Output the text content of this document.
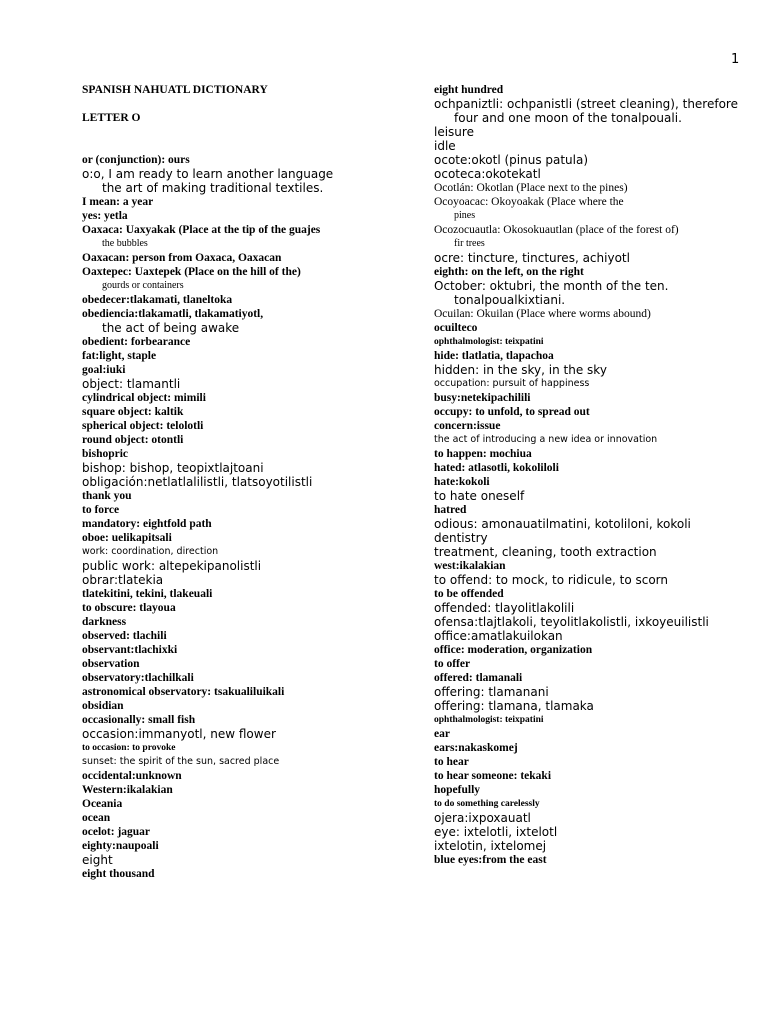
1
SPANISH NAHUATL DICTIONARY
LETTER O
or (conjunction): ours
o:o, I am ready to learn another language
the art of making traditional textiles.
I mean: a year
yes: yetla
Oaxaca: Uaxyakak (Place at the tip of the guajes
the bubbles
Oaxacan: person from Oaxaca, Oaxacan
Oaxtepec: Uaxtepek (Place on the hill of the)
gourds or containers
obedecer:tlakamati, tlaneltoka
obediencia:tlakamatli, tlakamatiyotl,
the act of being awake
obedient: forbearance
fat:light, staple
goal:iuki
object: tlamantli
cylindrical object: mimili
square object: kaltik
spherical object: telolotli
round object: otontli
bishopric
bishop: bishop, teopixtlajtoani
obligación:netlatlalilistli, tlatsoyotilistli
thank you
to force
mandatory: eightfold path
oboe: uelikapitsali
work: coordination, direction
public work: altepekipanolistli
obrar:tlatekia
tlatekitini, tekini, tlakeuali
to obscure: tlayoua
darkness
observed: tlachili
observant:tlachixki
observation
observatory:tlachilkali
astronomical observatory: tsakualiluikali
obsidian
occasionally: small fish
occasion:immanyotl, new flower
to occasion: to provoke
sunset: the spirit of the sun, sacred place
occidental:unknown
Western:ikalakian
Oceania
ocean
ocelot: jaguar
eighty:naupoali
eight
eight thousand
eight hundred
ochpaniztli: ochpanistli (street cleaning), therefore
four and one moon of the tonalpouali.
leisure
idle
ocote:okotl (pinus patula)
ocoteca:okotekatl
Ocotlán: Okotlan (Place next to the pines)
Ocoyoacac: Okoyoakak (Place where the
pines
Ocozocuautla: Okosokuautlan (place of the forest of)
fir trees
ocre: tincture, tinctures, achiyotl
eighth: on the left, on the right
October: oktubri, the month of the ten.
tonalpoualkixtiani.
Ocuilan: Okuilan (Place where worms abound)
ocuilteco
ophthalmologist: teixpatini
hide: tlatlatia, tlapachoa
hidden: in the sky, in the sky
occupation: pursuit of happiness
busy:netekipachilili
occupy: to unfold, to spread out
concern:issue
the act of introducing a new idea or innovation
to happen: mochiua
hated: atlasotli, kokoliloli
hate:kokoli
to hate oneself
hatred
odious: amonauatilmatini, kotoliloni, kokoli
dentistry
treatment, cleaning, tooth extraction
west:ikalakian
to offend: to mock, to ridicule, to scorn
to be offended
offended: tlayolitlakolili
ofensa:tlajtlakoli, teyolitlakolistli, ixkoyeuilistli
office:amatlakuilokan
office: moderation, organization
to offer
offered: tlamanali
offering: tlamanani
offering: tlamana, tlamaka
ophthalmologist: teixpatini
ear
ears:nakaskomej
to hear
to hear someone: tekaki
hopefully
to do something carelessly
ojera:ixpoxauatl
eye: ixtelotli, ixtelotl
ixtelotin, ixtelomej
blue eyes:from the east
